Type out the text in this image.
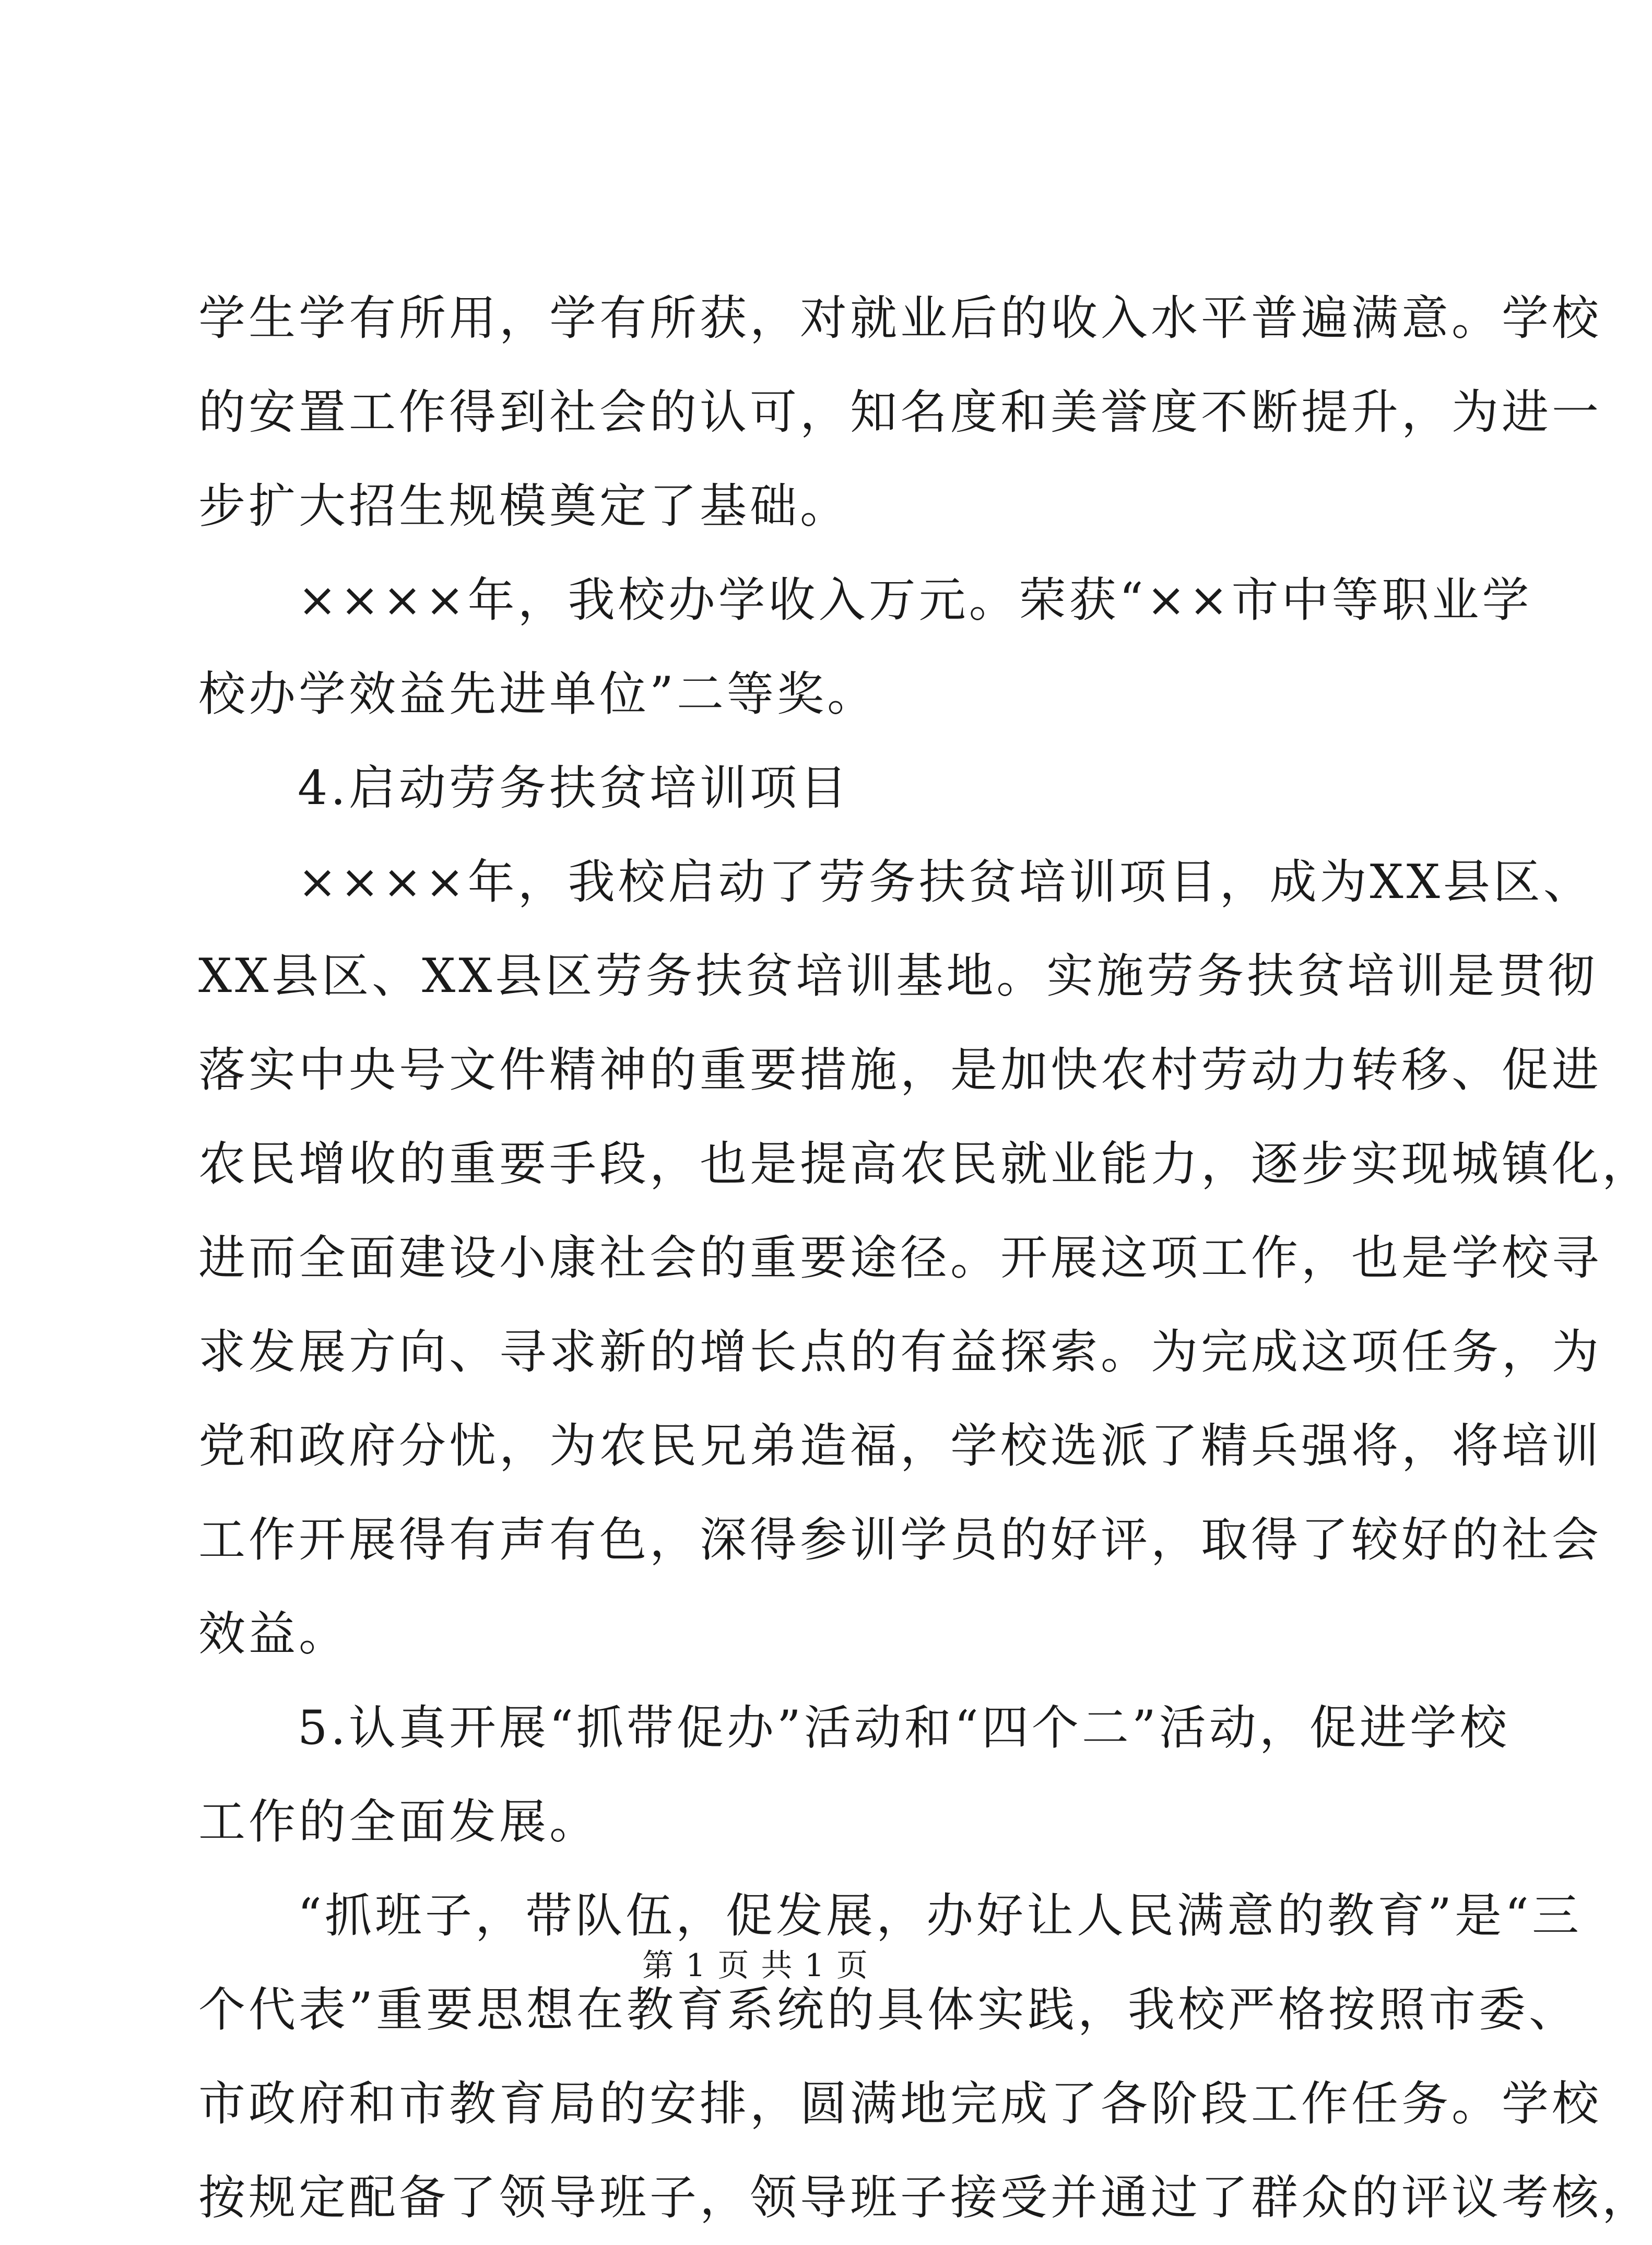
学生学有所用，学有所获，对就业后的收入水平普遍满意。学校
的安置工作得到社会的认可，知名度和美誉度不断提升，为进一
步扩大招生规模奠定了基础。
××××年，我校办学收入万元。荣获“××市中等职业学
校办学效益先进单位”二等奖。
4.启动劳务扶贫培训项目
××××年，我校启动了劳务扶贫培训项目，成为XX县区、
XX县区、XX县区劳务扶贫培训基地。实施劳务扶贫培训是贯彻
落实中央号文件精神的重要措施，是加快农村劳动力转移、促进
农民增收的重要手段，也是提高农民就业能力，逐步实现城镇化，
进而全面建设小康社会的重要途径。开展这项工作，也是学校寻
求发展方向、寻求新的增长点的有益探索。为完成这项任务，为
党和政府分忧，为农民兄弟造福，学校选派了精兵强将，将培训
工作开展得有声有色，深得参训学员的好评，取得了较好的社会
效益。
5.认真开展“抓带促办”活动和“四个二”活动，促进学校
工作的全面发展。
“抓班子，带队伍，促发展，办好让人民满意的教育”是“三
个代表”重要思想在教育系统的具体实践，我校严格按照市委、
市政府和市教育局的安排，圆满地完成了各阶段工作任务。学校
按规定配备了领导班子，领导班子接受并通过了群众的评议考核，
第 1 页 共 1 页
